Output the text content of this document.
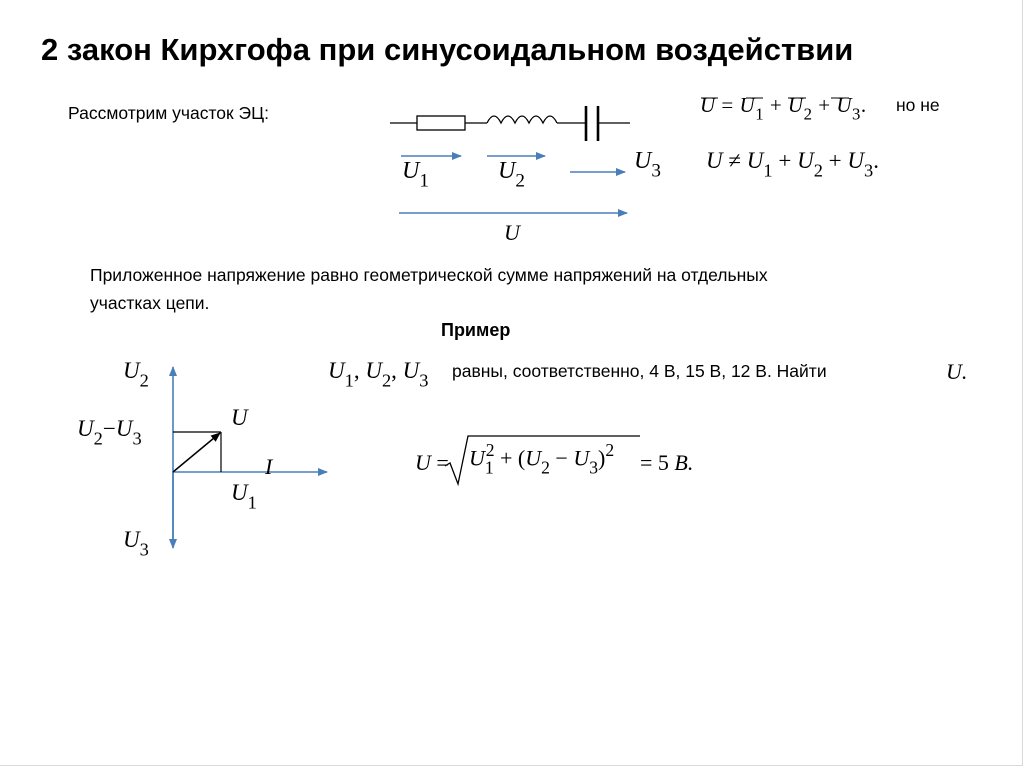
2 закон Кирхгофа при синусоидальном воздействии
Рассмотрим участок ЭЦ:
$U_1$	$U_2$
$U_3$
U
$U = U_1 + U_2 + U_3$. но не
$U \ne U_1 + U_2 + U_3$.
Приложенное напряжение равно геометрической сумме напряжений на отдельных
участках цепи.
Пример
$U_1$, $U_2$, $U_3$ равны, соответственно, 4 В, 15 В, 12 В. Найти	U.
$U = U_1^2 + (U_2 - U_3)^2 = 5$ B.
$U_2$
$U_2-U_3$
U
I
$U_1$
$U_3$
